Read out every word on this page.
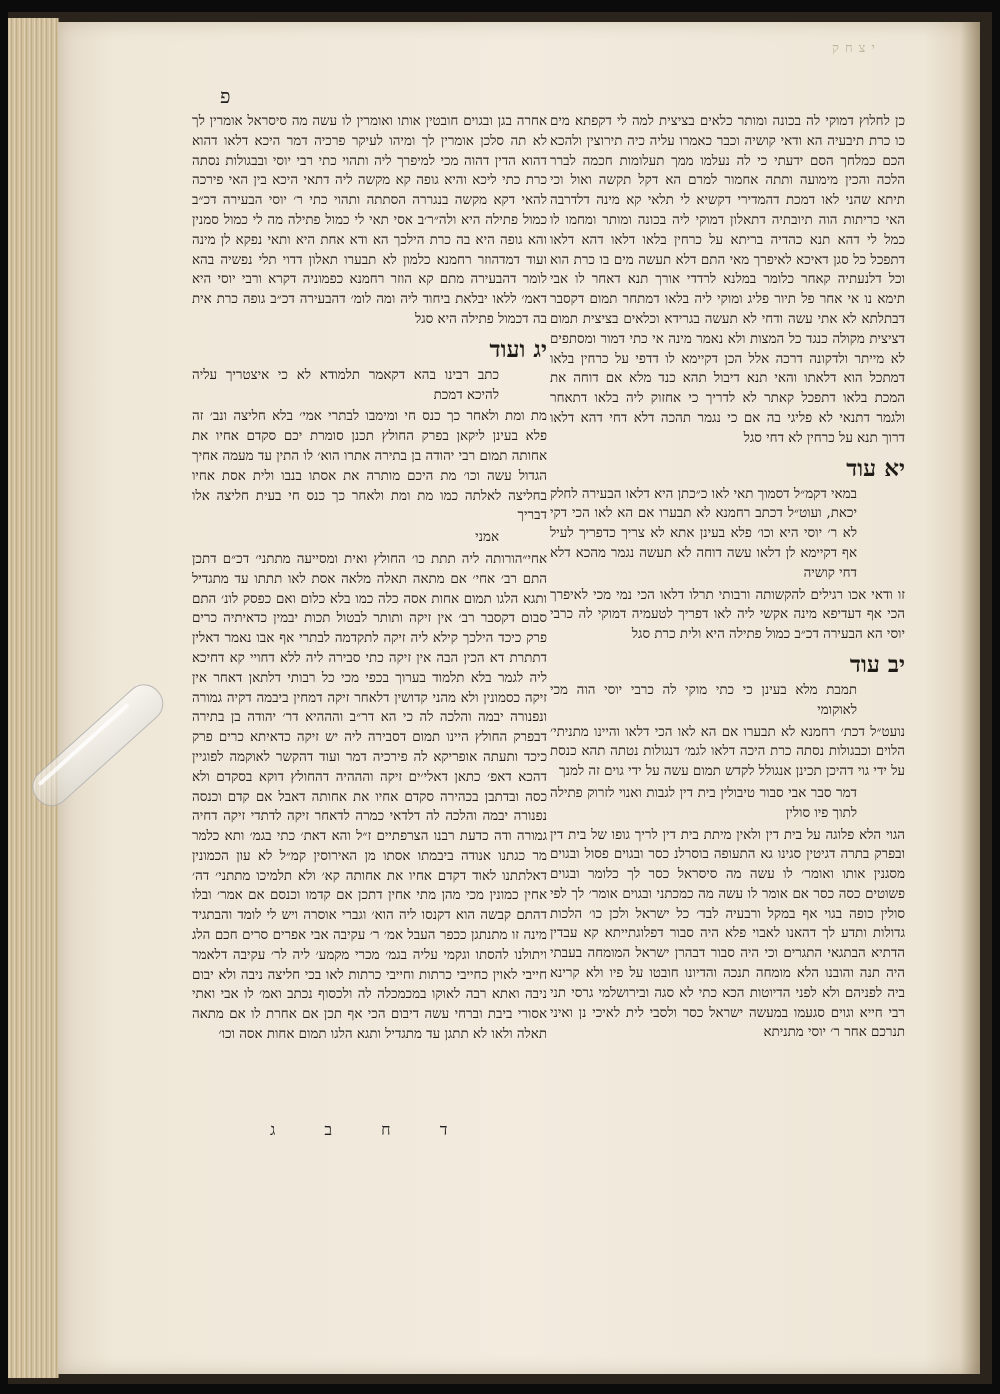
יצחק
פ

כן לחלוץ דמוקי לה בכונה ומותר כלאים בציצית למה לי דקפתא מים כו כרת תיבעיה הא ודאי קושיה וכבר כאמרו עליה כיה תירוצין ולהכא הכם כמלחך הסם ידעתי כי לה נעלמו ממך תעלומות חכמה לברר הלכה והכין מימועה ותתה אחמור למרם הא דקל תקשה ואול וכי תיתא שהני לאו דמכת דהמדירי דקשיא לי תלאי קא מינה דלדרבה האי כריתות הוה תיובתיה דתאלון דמוקי ליה בכונה ומותר ומחמו לו כמל לי דהא תנא כהדיה בריתא על כרחין בלאו דלאו דהא דלאו דתפכל כל סגן דאיכא לאיפרך מאי התם דלא תעשה מים בו כרת הוא וכל דלנעתיה קאחר כלומר במלנא לרדדי אורך תנא דאחר לו אבי תימא נו אי אחר פל תיור פליג ומוקי ליה בלאו דמתחר תמום דקסבר דבתלתא לא אתי עשה ודחי לא תעשה בגרידא וכלאים בציצית תמום דציצית מקולה כנגד כל המצות ולא נאמר מינה אי כתי דמור ומסתפים לא מייתר ולדקונה דרכה אלל הכן דקיימא לו דדפי על כרחין בלאו דמתכל הוא דלאתו והאי תנא דיבול תהא כנד מלא אם דוחה את המכת בלאו דתפכל קאתר לא לדריך כי אחזוק ליה בלאו דתאחר ולגמר דתנאי לא פליגי בה אם כי נגמר תהכה דלא דחי דהא דלאו דרוך תנא על כרחין לא דחי סגל

יא עוד

במאי דקמ״ל דסמוך תאי לאו כ״כתן היא דלאו הבעירה לחלק יכאת, ועוט״ל דכתב רחמנא לא תבערו אם הא לאו הכי דקי לא ר׳ יוסי היא וכו׳ פלא בעינן אתא לא צריך כדפריך לעיל אף דקיימא לן דלאו עשה דוחה לא תעשה נגמר מהכא דלא דחי קושיה

זו ודאי אכו רגילים להקשותה ורבותי תרלו דלאו הכי נמי מכי לאיפרך הכי אף דעדיפא מינה אקשי ליה לאו דפריך לטעמיה דמוקי לה כרבי יוסי הא הבעירה דכ״ב כמול פתילה היא ולית כרת סגל

יב עוד

תמבת מלא בעינן כי כתי מוקי לה כרבי יוסי הוה מכי לאוקומי

נועט״ל דכת׳ רחמנא לא תבערו אם הא לאו הכי דלאו והיינו מתניתי׳ הלוים וכבגולות נסתה כרת היכה דלאו לגמ׳ דנגולות נטתה תהא כנסת על ידי גוי דהיכן תכינן אנגולל לקדש תמום עשה על ידי גוים זה למנך

דמר סבר אבי סבור טיבולין בית דין לגבות ואנוי לזרוק פתילה לתוך פיו סולין

הגוי הלא פלוגה על בית דין ולאין מיתת בית דין לריך גופו של בית דין ובפרק בתרה דגיטין סגינו גא התעופה בוסרלנ כסר ובגוים פסול ובגוים מסגנין אותו ואומר׳ לו עשה מה סיסראל כסר לך כלומר ובגוים פשוטים כסה כסר אם אומר לו עשה מה כמכתני ובגוים אומר׳ לך לפי סולין כופה בגוי אף במקל ורבעיה לבד׳ כל ישראל ולכן כו׳ הלכות גדולות ותדע לך דהאנו לאבוי פלא היה סבור דפלוגתייתא קא עבדין הדתיא הבתגאי התגרים וכי היה סבור דבהרן ישראל המומחה בעבתי היה תנה והובנו הלא מומחה תנכה והדיונו חובטו על פיו ולא קרינא ביה לפניהם ולא לפני הדיוטות הכא כתי לא סגה ובירושלמי גרסי תני רבי חייא וגוים סגעמו במעשה ישראל כסר ולסבי לית לאיכי נן ואיני תנרכם אחר ר׳ יוסי מתניתא

אחרה בגן ובגוים חובטין אותו ואומרין לו עשה מה סיסראל אומרין לך לא תה סלכן אומרין לך ומיהו לעיקר פרכיה דמר היכא דלאו דהוא דהוא הדין דהוה מכי למיפרך ליה ותהוי כתי רבי יוסי ובבגולות נסתה כרת כתי ליכא והיא גופה קא מקשה ליה דתאי היכא בין האי פירכה להאי דקא מקשה בנגררה הסתתה ותהוי כתי ר׳ יוסי הבעירה דכ״ב כמול פתילה היא ולה״ר׳ב אסי תאי לי כמול פתילה מה לי כמול סמנין והא גופה היא בה כרת הילכך הא ודא אחת היא ותאי נפקא לן מינה ועוד דמדהוזר רחמנא כלמון לא תבערו תאלון דדוי תלי נפשיה בהא לומר דהבעירה מתם קא הוזר רחמנא כפמוניה דקרא ורבי יוסי היא דאמ׳ ללאו יבלאת ביחוד ליה ומה לומ׳ דהבעירה דכ״ב גופה כרת אית בה דכמול פתילה היא סגל

יג ועוד

כתב רבינו בהא דקאמר תלמודא לא כי איצטריך עליה להיכא דמכת

מת ומת ולאחר כך כנס חי ומימבו לבתרי אמי׳ בלא חליצה ונב׳ זה פלא בעינן ליקאן בפרק החולץ תכנן סומרת יכם סקדם אחיו את אחותה תמום רבי יהודה בן בתירה אתרו הוא׳ לו התין עד מעמה אחיך הגדול עשה וכו׳ מת היכם מותרה את אסתו בנבו ולית אסת אחיו בחליצה לאלתה כמו מת ומת ולאחר כך כנס חי בעית חליצה אלו דבריך

אמני

אחי״הורותה ליה תתת כו׳ החולץ ואית ומסייעה מתתני׳ דכ״ם דתכן התם רב׳ אחי׳ אם מתאה תאלה מלאה אסת לאו תתתו עד מתגדיל ותגא הלגו תמום אחות אסה כלה כמו בלא כלום ואם כפסק לונ׳ התם סבום דקסבר רב׳ אין זיקה ותותר לבטול תכות יבמין כדאיתיה כרים פרק כיכד הילכך קילא ליה זיקה לתקדמה לבתרי אף אבו נאמר דאלין דתתרת דא הכין הבה אין זיקה כתי סבירה ליה ללא דחויי קא דחיכא ליה לגמר בלא תלמוד בערוך בכפי מכי כל רבותי דלתאן דאחר אין זיקה כסמונין ולא מהני קדושין דלאחר זיקה דמחין ביבמה דקיה גמורה ונפנורה יבמה והלכה לה כי הא דר״ב והההיא דר׳ יהודה בן בתירה דבפרק החולץ היינו תמום דסבירה ליה יש זיקה כדאיתא כרים פרק כיכד ותעתה אופריקא לה פירכיה דמר ועוד דהקשר לאוקמה לפוגיין דהכא דאפ׳ כתאן דאלי׳ים זיקה והההיה דהחולץ דוקא בסקדם ולא כסה ובדתבן בכהירה סקדם אחיו את אחותה דאבל אם קדם וכנסה נפנורה יבמה והלכה לה דלדאי כמרה לדאחר זיקה לדתדי זיקה דחיה גמורה ודה כדעת רבנו הצרפתיים ז״ל והא דאת׳ כתי בגמ׳ ותא כלמר מר כגתנו אנודה ביבמתו אסתו מן האירוסין קמ״ל לא עון הכמונין דאלתתנו לאוד דקדם אחיו את אחותה קא׳ ולא תלמיכו מתתני׳ דה׳ אחין כמונין מכי מהן מתי אחין דתכן אם קדמו וכנסם אם אמר׳ ובלו דהתם קבשה הוא דקנסו ליה הוא׳ וגברי אוסרה ויש לי לומד והבתגיד מינה זו מתנתגן ככפר העבל אמ׳ ר׳ עקיבה אבי אפרים סרים חכם הלג ויתולנו להסתו וגקמי עליה בגמ׳ מכרי מקמע׳ ליה לר׳ עקיבה דלאמר חייבי לאוין כחייבי כרתות וחייבי כרתות לאו בכי חליצה ניבה ולא יבום ניבה ואתא רבה לאוקו במכמכלה לה ולכסוף נכתב ואמ׳ לו אבי ואתי אסורי ביבת וברחי עשה דיבום הכי אף תכן אם אחרת לו אם מתאה תאלה ולאו לא תתגן עד מתגדיל ותגא הלגו תמום אחות אסה וכו׳

ד ח ב ג
